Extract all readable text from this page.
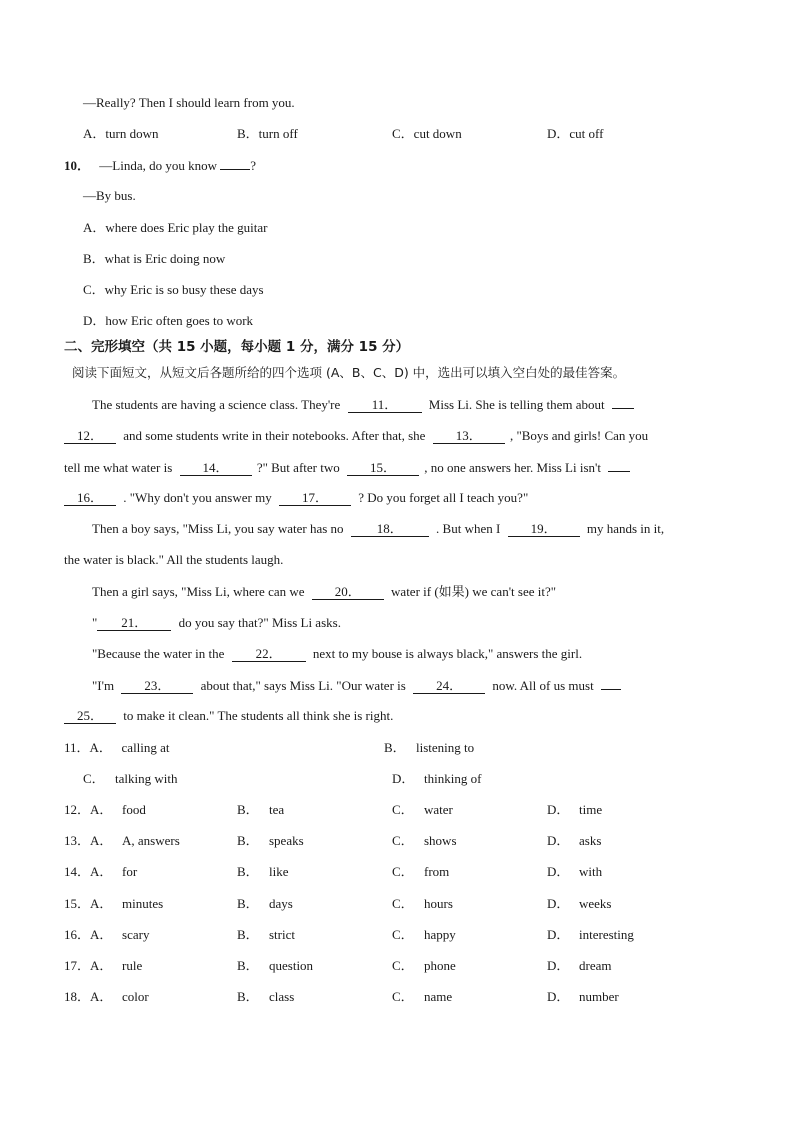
—Really? Then I should learn from you.
A．turn down	B．turn off	C．cut down	D．cut off
10． —Linda, do you know	?
—By bus.
A．where does Eric play the guitar
B．what is Eric doing now
C．why Eric is so busy these days
D．how Eric often goes to work
二、完形填空（共 15 小题，每小题 1 分，满分 15 分）
阅读下面短文，从短文后各题所给的四个选项 (A、B、C、D) 中，选出可以填入空白处的最佳答案。
The students are having a science class. They're 11． Miss Li. She is telling them about
12． and some students write in their notebooks. After that, she 13． , "Boys and girls! Can you
tell me what water is 14． ?" But after two 15． , no one answers her. Miss Li isn't
16． . "Why don't you answer my 17． ? Do you forget all I teach you?"
Then a boy says, "Miss Li, you say water has no	18．	. But when I 19． my hands in it,
the water is black." All the students laugh.
Then a girl says, "Miss Li, where can we 20． water if (如果) we can't see it?"
" 21． do you say that?" Miss Li asks.
"Because the water in the 22． next to my bouse is always black," answers the girl.
"I'm 23． about that," says Miss Li. "Our water is 24． now. All of us must
25． to make it clean." The students all think she is right.
11．A． calling at	B． listening to
C． talking with	D． thinking of
12．A． food	B． tea	C． water	D． time
13．A． A, answers	B． speaks	C． shows	D． asks
14．A． for	B． like	C． from	D． with
15．A． minutes	B． days	C． hours	D． weeks
16．A． scary	B． strict	C． happy	D． interesting
17．A． rule	B． question	C． phone	D． dream
18．A． color	B． class	C． name	D． number
